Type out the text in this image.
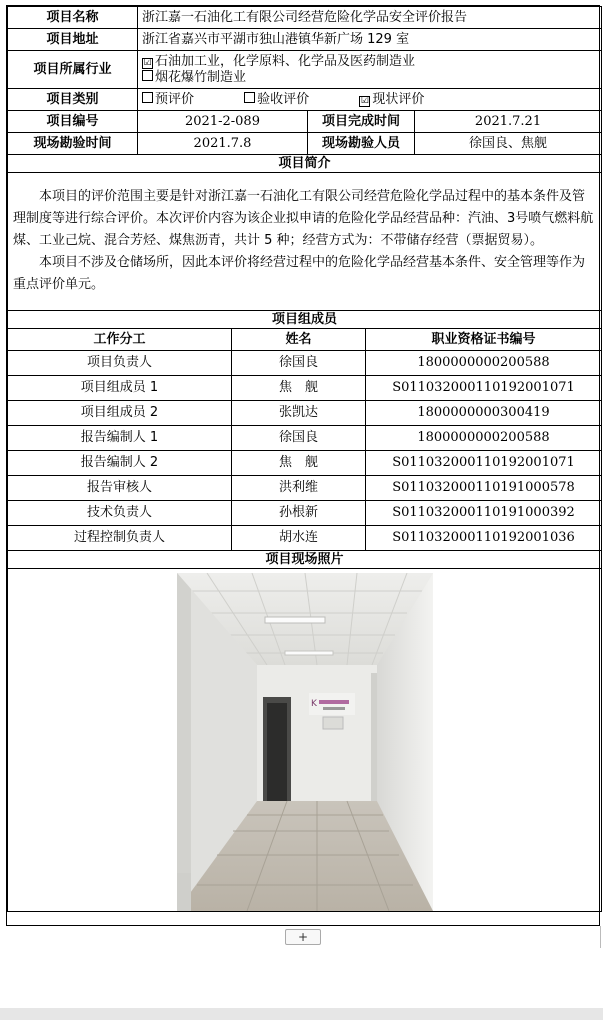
项目名称	浙江嘉一石油化工有限公司经营危险化学品安全评价报告		
项目地址	浙江省嘉兴市平湖市独山港镇华新广场 129 室		
项目所属行业	☑ 石油加工业，化学原料、化学品及医药制造业
烟花爆竹制造业		

项目类别	预评价 验收评价 ☑ 现状评价		
项目编号	2021-2-089	项目完成时间	2021.7.21
现场勘验时间	2021.7.8	现场勘验人员	徐国良、焦舰
项目简介			

本项目的评价范围主要是针对浙江嘉一石油化工有限公司经营危险化学品过程中的基本条件及管理制度等进行综合评价。本次评价内容为该企业拟申请的危险化学品经营品种：汽油、3号喷气燃料航煤、工业己烷、混合芳烃、煤焦沥青，共计 5 种；经营方式为：不带储存经营（票据贸易）。

本项目不涉及仓储场所，因此本评价将经营过程中的危险化学品经营基本条件、安全管理等作为重点评价单元。			

项目组成员			
工作分工	姓名	职业资格证书编号
项目负责人	徐国良	1800000000200588
项目组成员 1	焦　舰	S011032000110192001071
项目组成员 2	张凯达	1800000000300419
报告编制人 1	徐国良	1800000000200588
报告编制人 2	焦　舰	S011032000110192001071
报告审核人	洪利维	S011032000110191000578
技术负责人	孙根新	S011032000110191000392
过程控制负责人	胡水连	S011032000110192001036
项目现场照片		

K		
+
